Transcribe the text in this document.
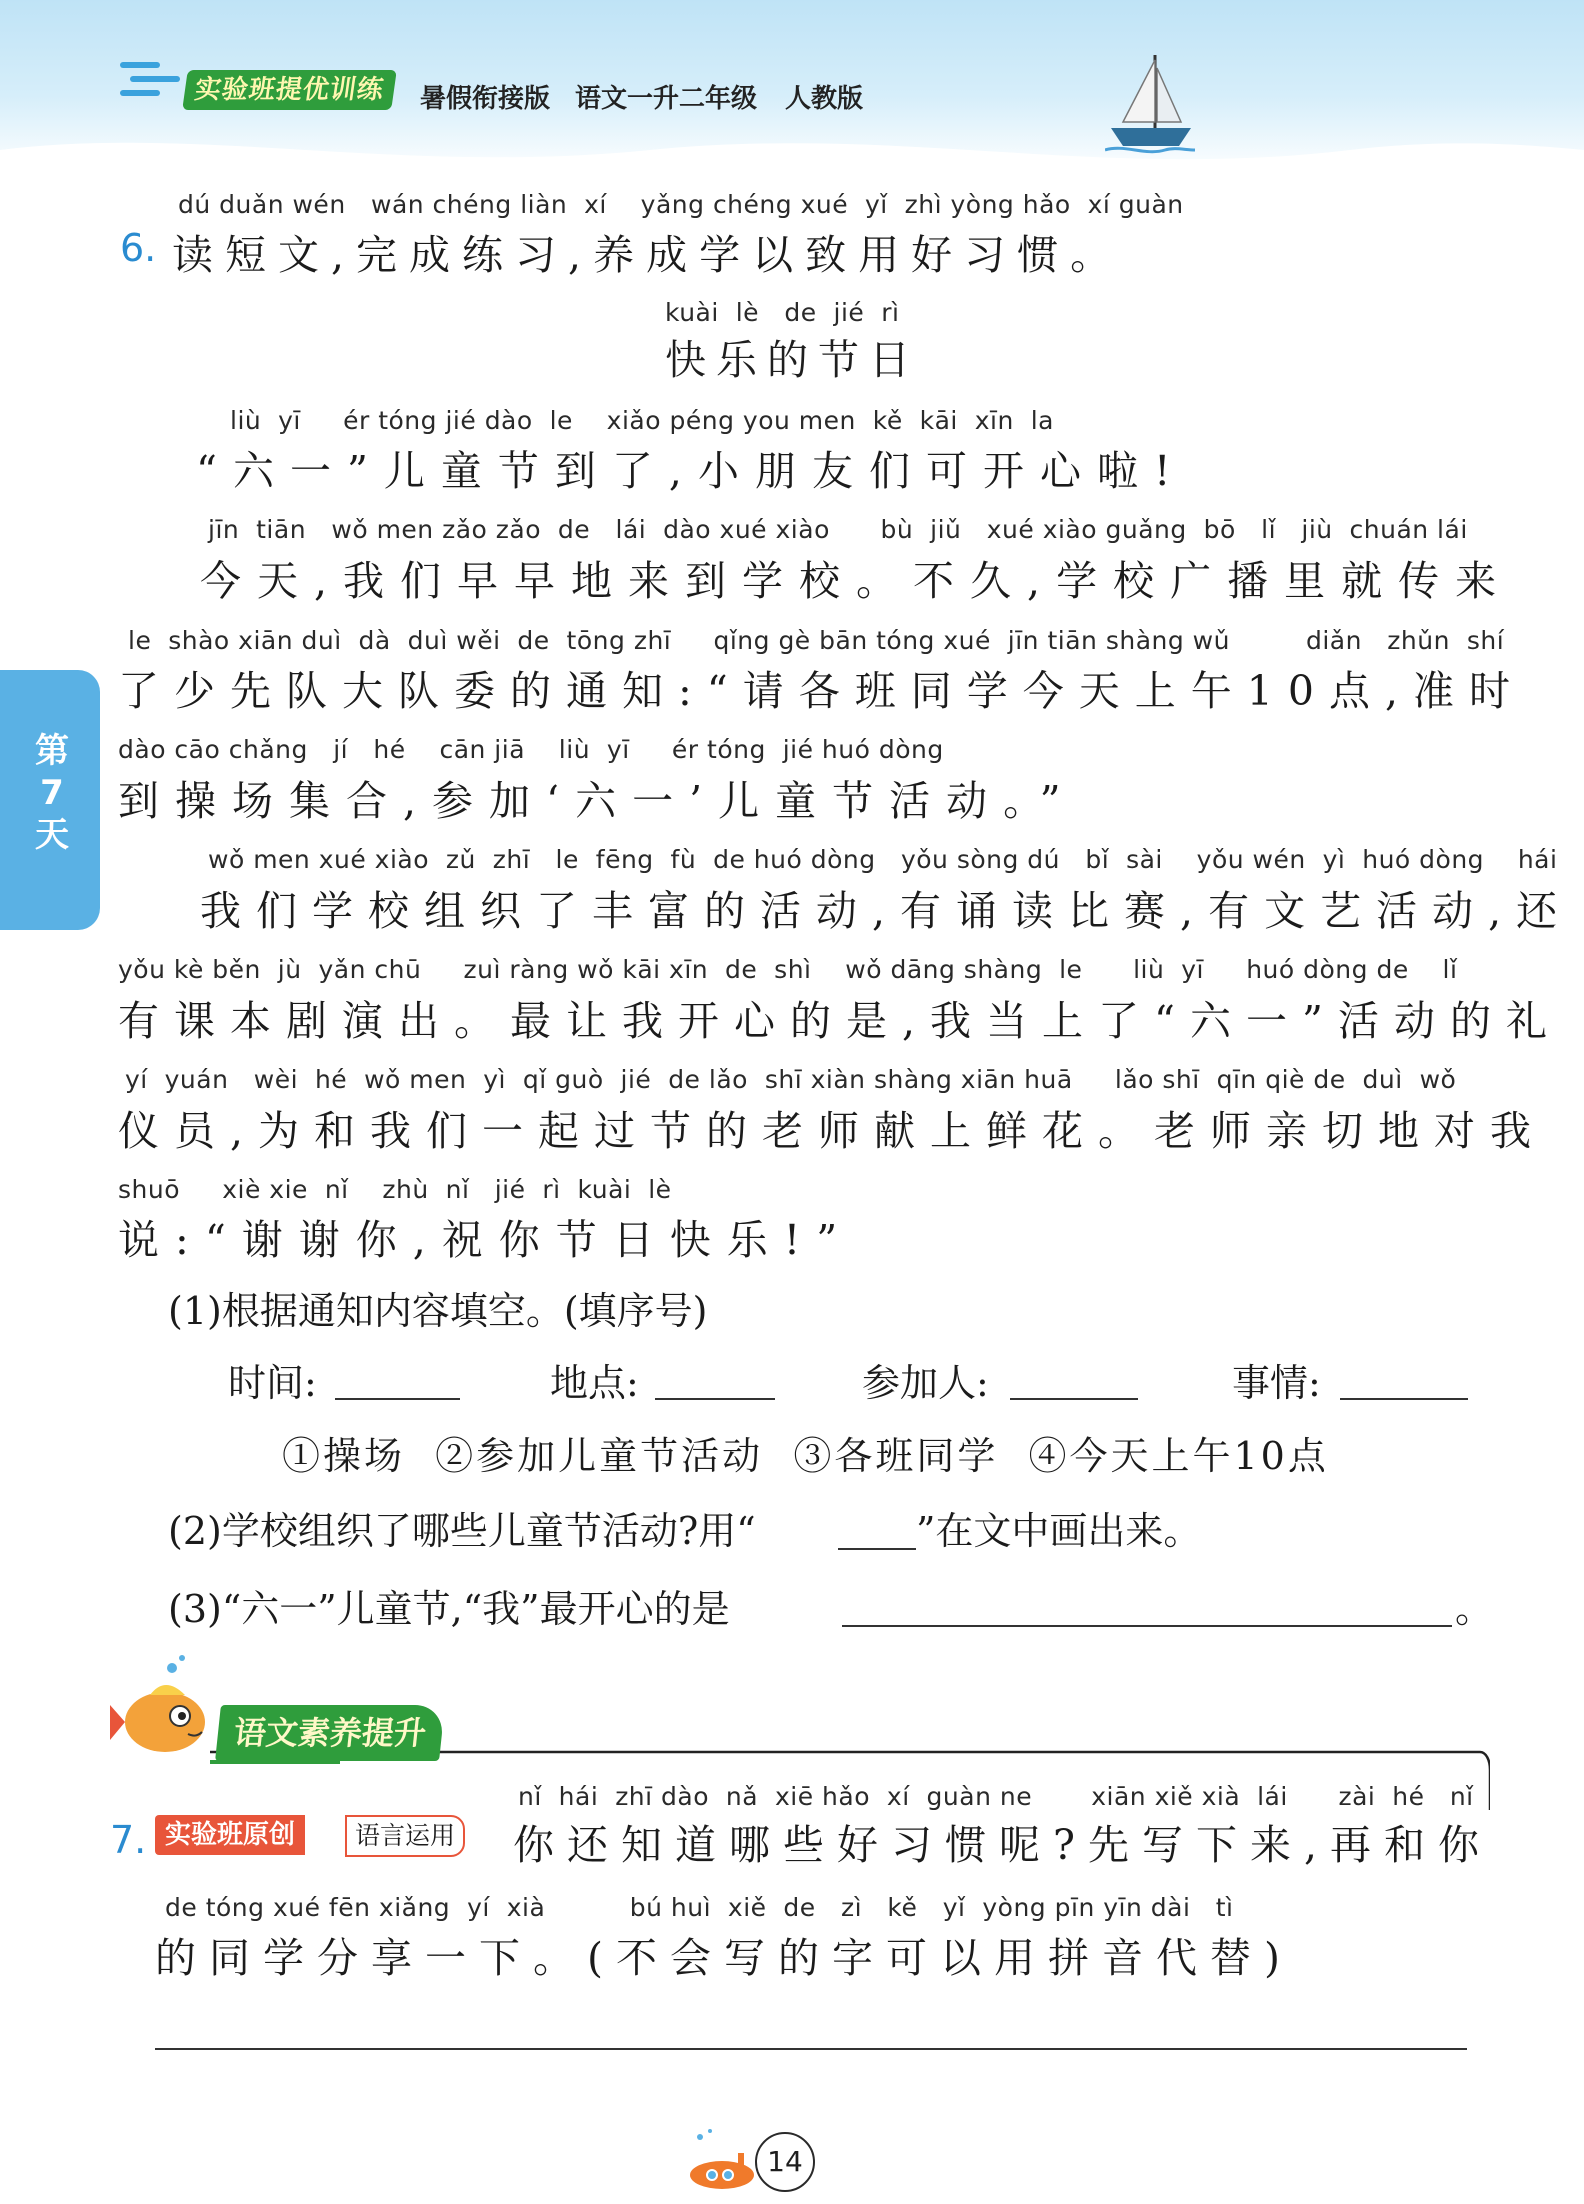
实验班提优训练	暑假衔接版 语文一升二年级 人教版
第7天
dú duǎn wén   wán chéng liàn  xí    yǎng chéng xué  yǐ  zhì yòng hǎo  xí guàn
6. 读短文,完成练习,养成学以致用好习惯。
kuài  lè   de  jié  rì
快乐的节日
liù  yī     ér tóng jié dào  le    xiǎo péng you men  kě  kāi  xīn  la
“六一”儿童节到了,小朋友们可开心啦!
jīn  tiān   wǒ men zǎo zǎo  de   lái  dào xué xiào      bù  jiǔ   xué xiào guǎng  bō   lǐ   jiù  chuán lái
今天,我们早早地来到学校。不久,学校广播里就传来
le  shào xiān duì  dà  duì wěi  de  tōng zhī     qǐng gè bān tóng xué  jīn tiān shàng wǔ         diǎn   zhǔn  shí
了少先队大队委的通知:“请各班同学今天上午10点,准时
dào cāo chǎng   jí   hé    cān jiā    liù  yī     ér tóng  jié huó dòng
到操场集合,参加‘六一’儿童节活动。”
wǒ men xué xiào  zǔ  zhī   le  fēng  fù  de huó dòng   yǒu sòng dú   bǐ  sài    yǒu wén  yì  huó dòng    hái
我们学校组织了丰富的活动,有诵读比赛,有文艺活动,还
yǒu kè běn  jù  yǎn chū     zuì ràng wǒ kāi xīn  de  shì    wǒ dāng shàng  le      liù  yī     huó dòng de    lǐ
有课本剧演出。最让我开心的是,我当上了“六一”活动的礼
yí  yuán   wèi  hé  wǒ men  yì  qǐ guò  jié  de lǎo  shī xiàn shàng xiān huā     lǎo shī  qīn qiè de  duì  wǒ
仪员,为和我们一起过节的老师献上鲜花。老师亲切地对我
shuō     xiè xie  nǐ    zhù  nǐ   jié  rì  kuài  lè
说:“谢谢你,祝你节日快乐!”
(1)根据通知内容填空。(填序号)
时间:	地点:	参加人:	事情:
①操场  ②参加儿童节活动  ③各班同学  ④今天上午10点
(2)学校组织了哪些儿童节活动?用“	”在文中画出来。
(3)“六一”儿童节,“我”最开心的是	。
语文素养提升
nǐ  hái  zhī dào  nǎ  xiē hǎo  xí  guàn ne       xiān xiě xià  lái      zài  hé   nǐ
7. 实验班原创	语言运用 你还知道哪些好习惯呢?先写下来,再和你
de tóng xué fēn xiǎng  yí  xià          bú huì  xiě  de   zì   kě   yǐ  yòng pīn yīn dài   tì
的同学分享一下。(不会写的字可以用拼音代替)
14
